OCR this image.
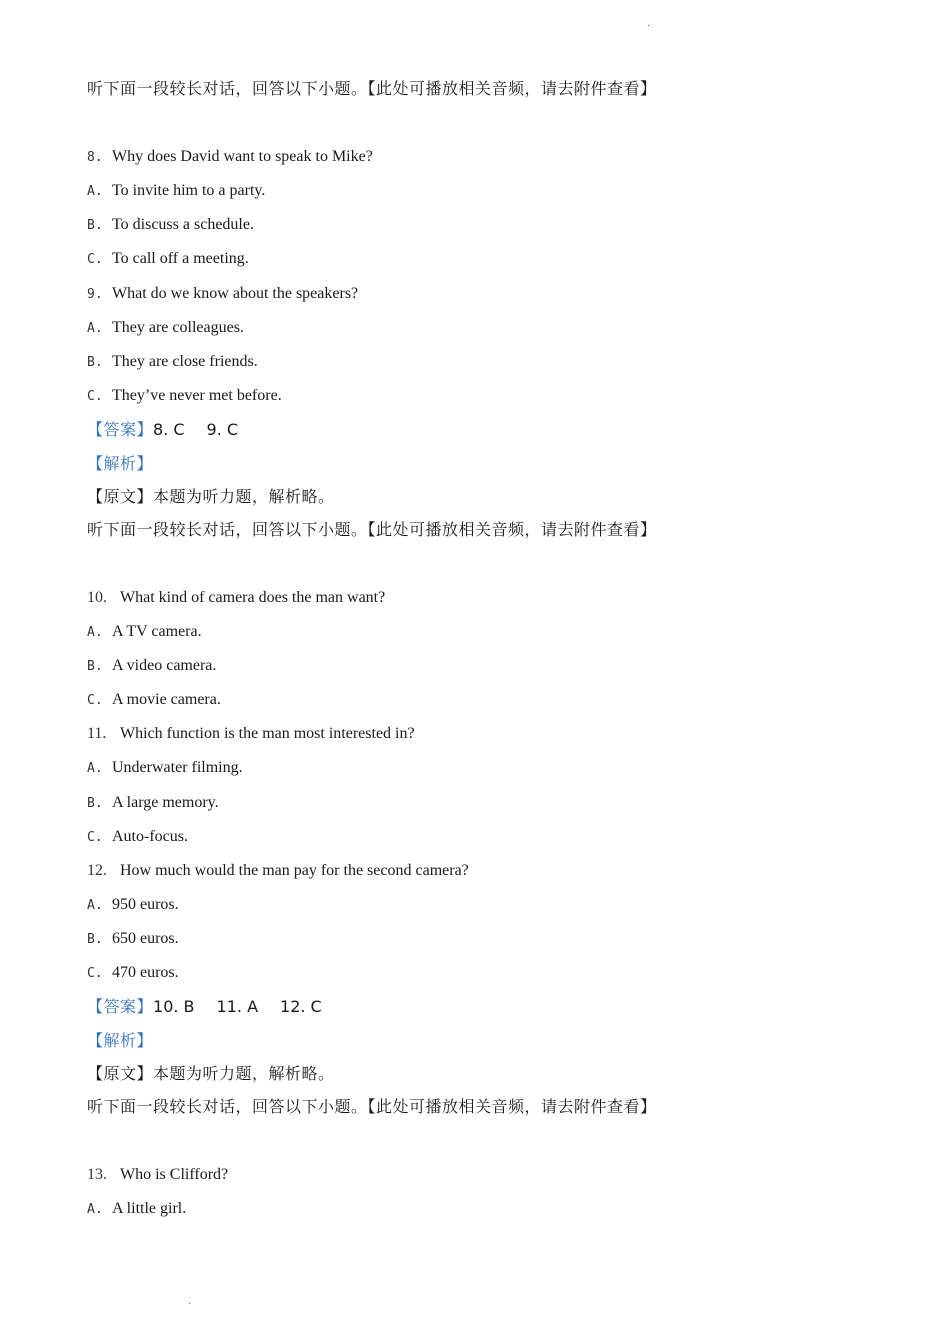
·
听下面一段较长对话，回答以下小题。【此处可播放相关音频，请去附件查看】
8. Why does David want to speak to Mike?
A. To invite him to a party.
B. To discuss a schedule.
C. To call off a meeting.
9. What do we know about the speakers?
A. They are colleagues.
B. They are close friends.
C. They’ve never met before.
【答案】8. C 9. C
【解析】
【原文】本题为听力题，解析略。
听下面一段较长对话，回答以下小题。【此处可播放相关音频，请去附件查看】
10. What kind of camera does the man want?
A. A TV camera.
B. A video camera.
C. A movie camera.
11. Which function is the man most interested in?
A. Underwater filming.
B. A large memory.
C. Auto-focus.
12. How much would the man pay for the second camera?
A. 950 euros.
B. 650 euros.
C. 470 euros.
【答案】10. B 11. A 12. C
【解析】
【原文】本题为听力题，解析略。
听下面一段较长对话，回答以下小题。【此处可播放相关音频，请去附件查看】
13. Who is Clifford?
A. A little girl.
·
